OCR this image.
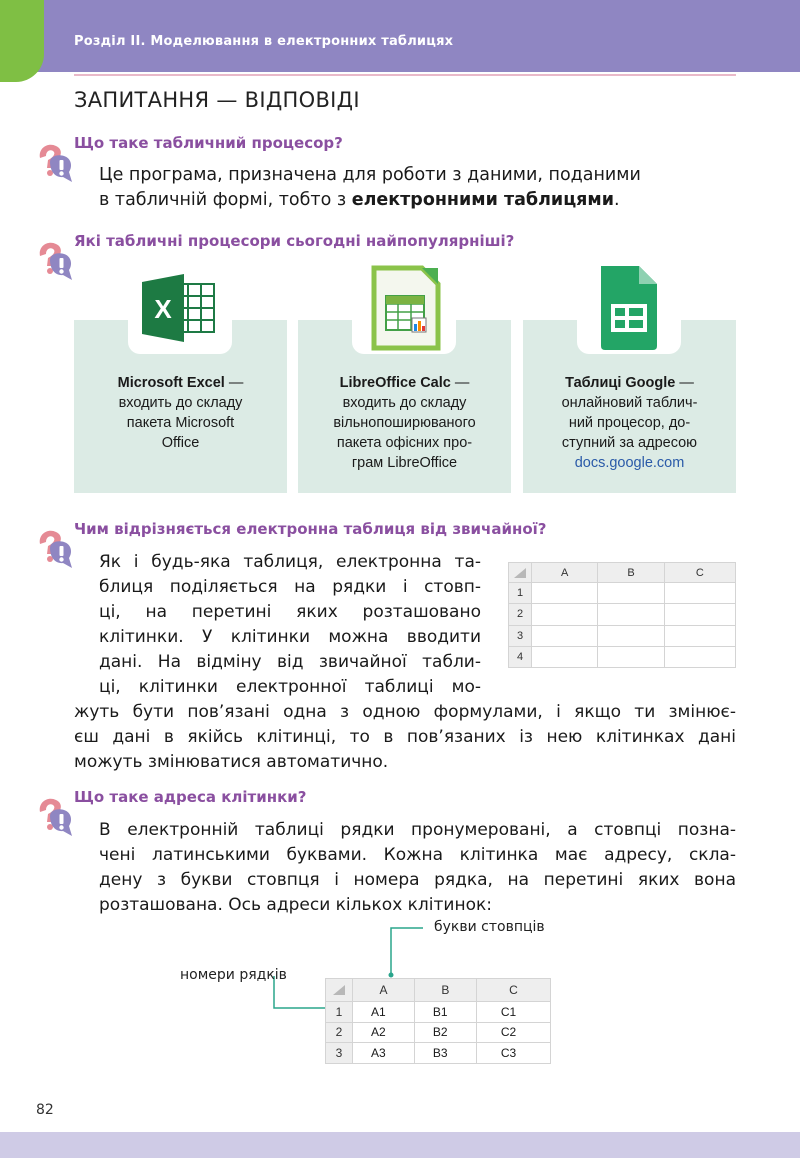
Розділ ІІ. Моделювання в електронних таблицях
ЗАПИТАННЯ — ВІДПОВІДІ
Що таке табличний процесор?
Це програма, призначена для роботи з даними, поданими
в табличній формі, тобто з електронними таблицями.
Які табличні процесори сьогодні найпопулярніші?
X
Microsoft Excel —
входить до складу
пакета Microsoft
Office
LibreOffice Calc —
входить до складу
вільнопоширюваного
пакета офісних про-
грам LibreOffice
Таблиці Google —
онлайновий таблич-
ний процесор, до-
ступний за адресою
docs.google.com
Чим відрізняється електронна таблиця від звичайної?
Як і будь-яка таблиця, електронна та-
блиця поділяється на рядки і стовп-
ці, на перетині яких розташовано
клітинки. У клітинки можна вводити
дані. На відміну від звичайної табли-
ці, клітинки електронної таблиці мо-
жуть бути пов’язані одна з одною формулами, і якщо ти змінює-
єш дані в якійсь клітинці, то в пов’язаних із нею клітинках дані
можуть змінюватися автоматично.
	A	B	C
1			
2			
3			
4			
Що таке адреса клітинки?
В електронній таблиці рядки пронумеровані, а стовпці позна-
чені латинськими буквами. Кожна клітинка має адресу, скла-
дену з букви стовпця і номера рядка, на перетині яких вона
розташована. Ось адреси кількох клітинок:
букви стовпців
номери рядків
	A	B	C
1	A1	B1	C1
2	A2	B2	C2
3	A3	B3	C3
82
